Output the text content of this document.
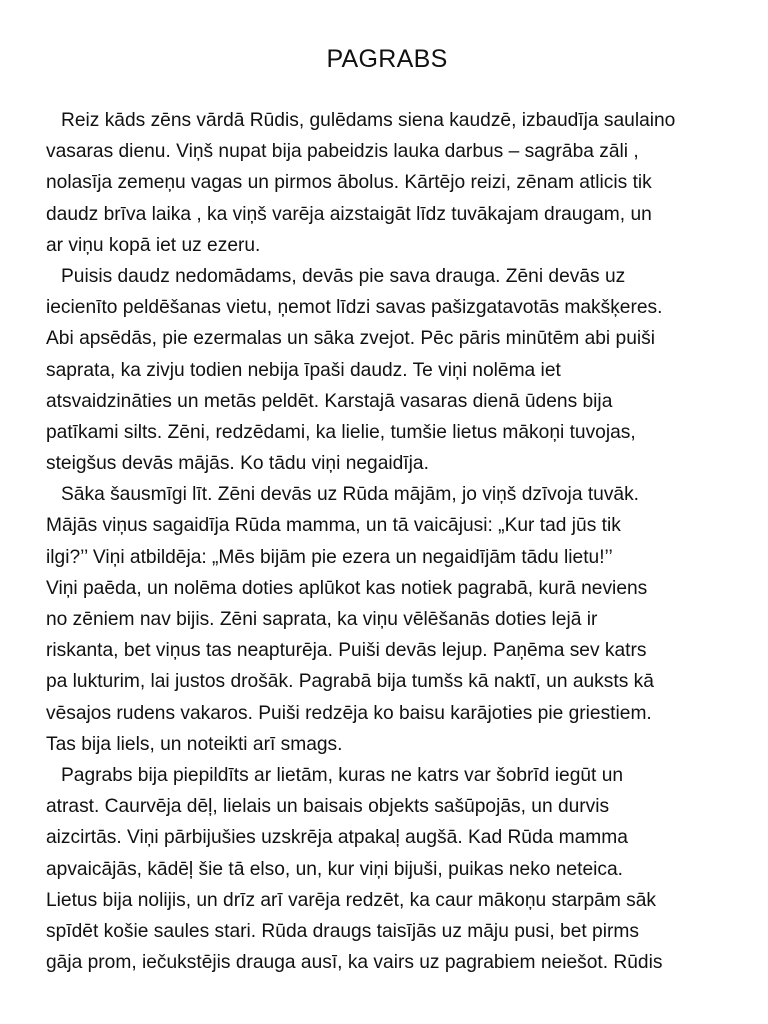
PAGRABS
Reiz kāds zēns vārdā Rūdis, gulēdams siena kaudzē, izbaudīja saulaino
vasaras dienu. Viņš nupat bija pabeidzis lauka darbus – sagrāba zāli ,
nolasīja zemeņu vagas un pirmos ābolus. Kārtējo reizi, zēnam atlicis tik
daudz brīva laika , ka viņš varēja aizstaigāt līdz tuvākajam draugam, un
ar viņu kopā iet uz ezeru.
Puisis daudz nedomādams, devās pie sava drauga. Zēni devās uz
iecienīto peldēšanas vietu, ņemot līdzi savas pašizgatavotās makšķeres.
Abi apsēdās, pie ezermalas un sāka zvejot. Pēc pāris minūtēm abi puiši
saprata, ka zivju todien nebija īpaši daudz. Te viņi nolēma iet
atsvaidzināties un metās peldēt. Karstajā vasaras dienā ūdens bija
patīkami silts. Zēni, redzēdami, ka lielie, tumšie lietus mākoņi tuvojas,
steigšus devās mājās. Ko tādu viņi negaidīja.
Sāka šausmīgi līt. Zēni devās uz Rūda mājām, jo viņš dzīvoja tuvāk.
Mājās viņus sagaidīja Rūda mamma, un tā vaicājusi: „Kur tad jūs tik
ilgi?’’ Viņi atbildēja: „Mēs bijām pie ezera un negaidījām tādu lietu!’’
Viņi paēda, un nolēma doties aplūkot kas notiek pagrabā, kurā neviens
no zēniem nav bijis. Zēni saprata, ka viņu vēlēšanās doties lejā ir
riskanta, bet viņus tas neapturēja. Puiši devās lejup. Paņēma sev katrs
pa lukturim, lai justos drošāk. Pagrabā bija tumšs kā naktī, un auksts kā
vēsajos rudens vakaros. Puiši redzēja ko baisu karājoties pie griestiem.
Tas bija liels, un noteikti arī smags.
Pagrabs bija piepildīts ar lietām, kuras ne katrs var šobrīd iegūt un
atrast. Caurvēja dēļ, lielais un baisais objekts sašūpojās, un durvis
aizcirtās. Viņi pārbijušies uzskrēja atpakaļ augšā. Kad Rūda mamma
apvaicājās, kādēļ šie tā elso, un, kur viņi bijuši, puikas neko neteica.
Lietus bija nolijis, un drīz arī varēja redzēt, ka caur mākoņu starpām sāk
spīdēt košie saules stari. Rūda draugs taisījās uz māju pusi, bet pirms
gāja prom, iečukstējis drauga ausī, ka vairs uz pagrabiem neiešot. Rūdis
